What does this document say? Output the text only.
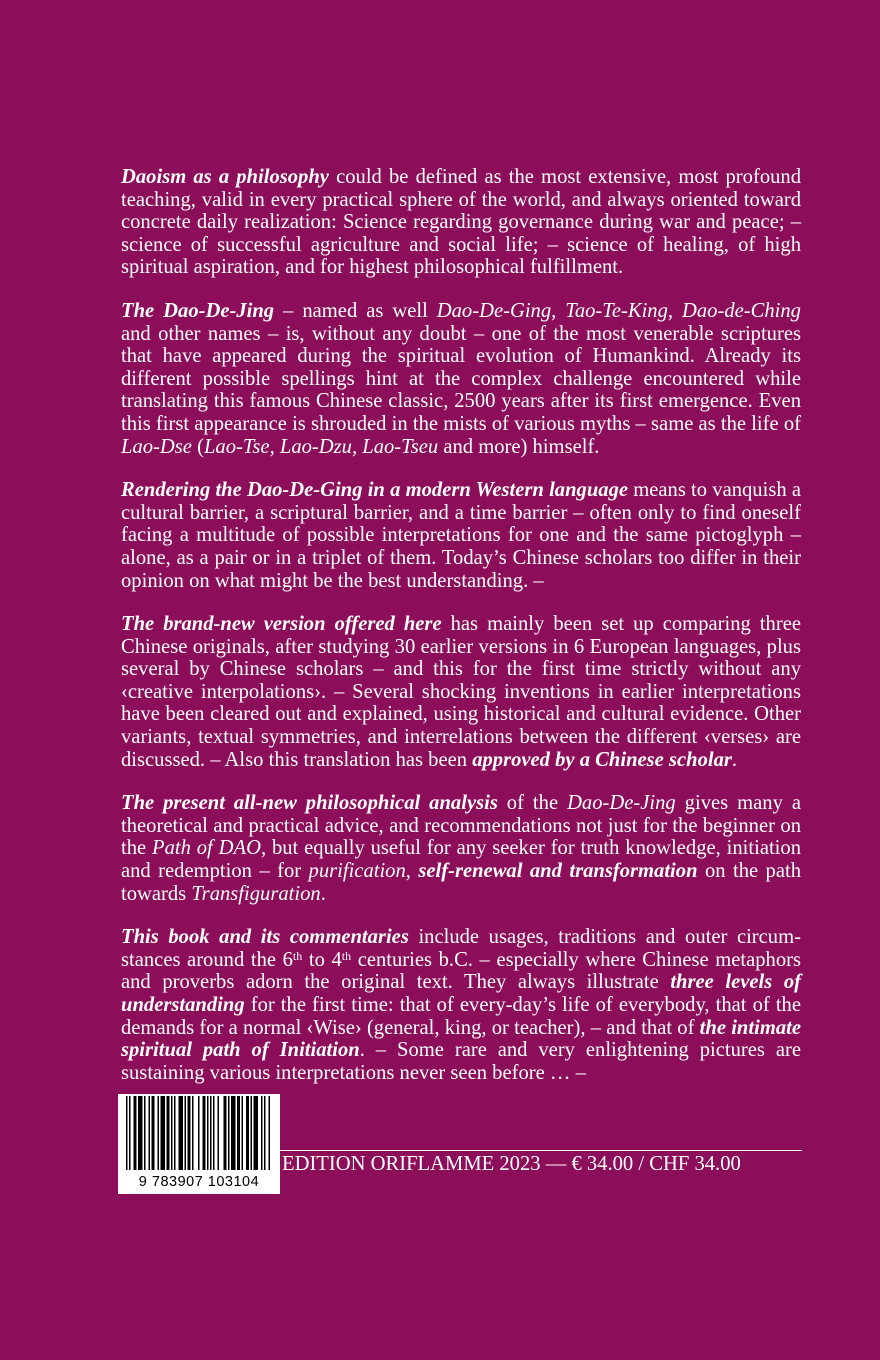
Daoism as a philosophy could be defined as the most extensive, most profound teaching, valid in every practical sphere of the world, and always oriented toward concrete daily realization: Science regarding governance during war and peace; – science of successful agriculture and social life; – science of healing, of high spiritual aspiration, and for highest philosophical fulfillment.

The Dao-De-Jing – named as well Dao-De-Ging, Tao-Te-King, Dao-de-Ching and other names – is, without any doubt – one of the most venerable scriptures that have appeared during the spiritual evolution of Humankind. Already its different possible spellings hint at the complex challenge encountered while translating this famous Chinese classic, 2500 years after its first emergence. Even this first appearance is shrouded in the mists of various myths – same as the life of Lao-Dse (Lao-Tse, Lao-Dzu, Lao-Tseu and more) himself.

Rendering the Dao-De-Ging in a modern Western language means to vanquish a cultural barrier, a scriptural barrier, and a time barrier – often only to find oneself facing a multitude of possible interpretations for one and the same pictoglyph – alone, as a pair or in a triplet of them. Today’s Chinese scholars too differ in their opinion on what might be the best understanding. –

The brand-new version offered here has mainly been set up comparing three Chinese originals, after studying 30 earlier versions in 6 European languages, plus several by Chinese scholars – and this for the first time strictly without any ‹creative interpolations›. – Several shocking inventions in earlier interpretations have been cleared out and explained, using historical and cultural evidence. Other variants, textual symmetries, and interrelations between the different ‹verses› are discussed. – Also this translation has been approved by a Chinese scholar.

The present all-new philosophical analysis of the Dao-De-Jing gives many a theoretical and practical advice, and recommendations not just for the beginner on the Path of DAO, but equally useful for any seeker for truth knowledge, initiation and redemption – for purification, self-renewal and transformation on the path towards Transfiguration.

This book and its commentaries include usages, traditions and outer circumstances around the 6th to 4th centuries b.C. – especially where Chinese metaphors and proverbs adorn the original text. They always illustrate three levels of understanding for the first time: that of every-day’s life of everybody, that of the demands for a normal ‹Wise› (general, king, or teacher), – and that of the intimate spiritual path of Initiation. – Some rare and very enlightening pictures are sustaining various interpretations never seen before … –

9 783907 103104
EDITION ORIFLAMME 2023 — € 34.00 / CHF 34.00
